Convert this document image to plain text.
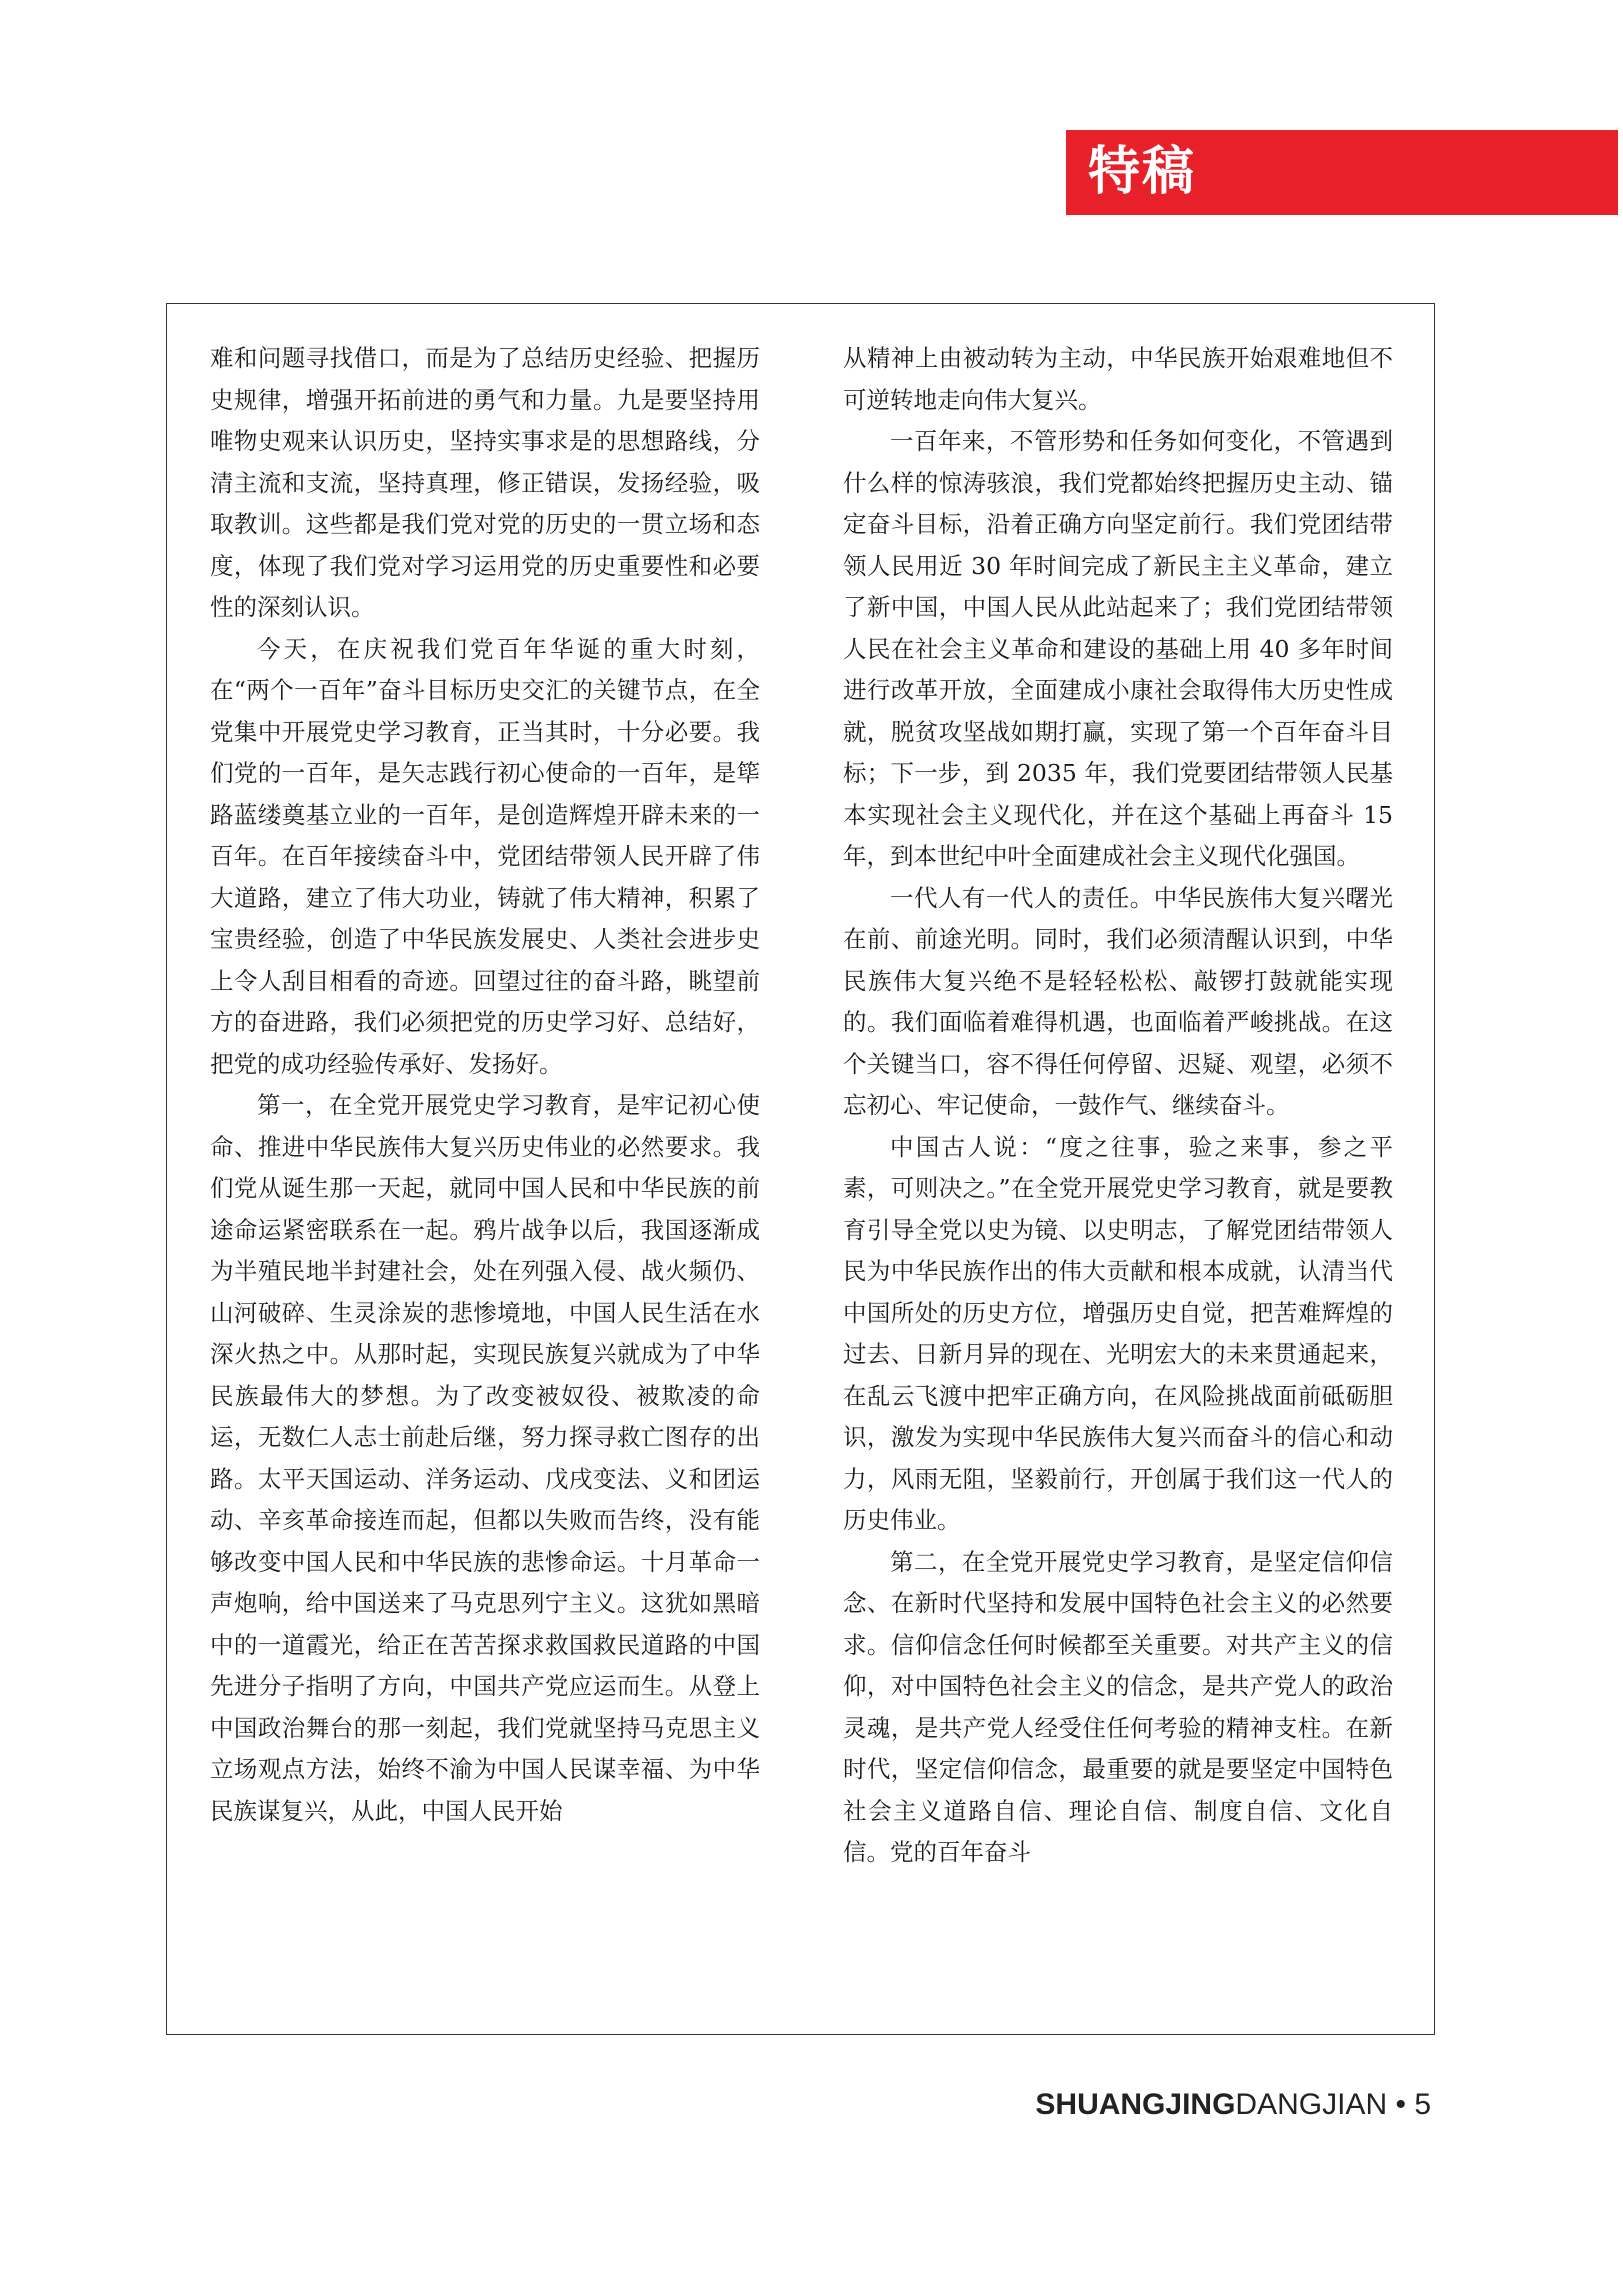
特稿

难和问题寻找借口，而是为了总结历史经验、把握历史规律，增强开拓前进的勇气和力量。九是要坚持用唯物史观来认识历史，坚持实事求是的思想路线，分清主流和支流，坚持真理，修正错误，发扬经验，吸取教训。这些都是我们党对党的历史的一贯立场和态度，体现了我们党对学习运用党的历史重要性和必要性的深刻认识。

今天，在庆祝我们党百年华诞的重大时刻，在“两个一百年”奋斗目标历史交汇的关键节点，在全党集中开展党史学习教育，正当其时，十分必要。我们党的一百年，是矢志践行初心使命的一百年，是筚路蓝缕奠基立业的一百年，是创造辉煌开辟未来的一百年。在百年接续奋斗中，党团结带领人民开辟了伟大道路，建立了伟大功业，铸就了伟大精神，积累了宝贵经验，创造了中华民族发展史、人类社会进步史上令人刮目相看的奇迹。回望过往的奋斗路，眺望前方的奋进路，我们必须把党的历史学习好、总结好，把党的成功经验传承好、发扬好。

第一，在全党开展党史学习教育，是牢记初心使命、推进中华民族伟大复兴历史伟业的必然要求。我们党从诞生那一天起，就同中国人民和中华民族的前途命运紧密联系在一起。鸦片战争以后，我国逐渐成为半殖民地半封建社会，处在列强入侵、战火频仍、山河破碎、生灵涂炭的悲惨境地，中国人民生活在水深火热之中。从那时起，实现民族复兴就成为了中华民族最伟大的梦想。为了改变被奴役、被欺凌的命运，无数仁人志士前赴后继，努力探寻救亡图存的出路。太平天国运动、洋务运动、戊戌变法、义和团运动、辛亥革命接连而起，但都以失败而告终，没有能够改变中国人民和中华民族的悲惨命运。十月革命一声炮响，给中国送来了马克思列宁主义。这犹如黑暗中的一道霞光，给正在苦苦探求救国救民道路的中国先进分子指明了方向，中国共产党应运而生。从登上中国政治舞台的那一刻起，我们党就坚持马克思主义立场观点方法，始终不渝为中国人民谋幸福、为中华民族谋复兴，从此，中国人民开始

从精神上由被动转为主动，中华民族开始艰难地但不可逆转地走向伟大复兴。

一百年来，不管形势和任务如何变化，不管遇到什么样的惊涛骇浪，我们党都始终把握历史主动、锚定奋斗目标，沿着正确方向坚定前行。我们党团结带领人民用近 30 年时间完成了新民主主义革命，建立了新中国，中国人民从此站起来了；我们党团结带领人民在社会主义革命和建设的基础上用 40 多年时间进行改革开放，全面建成小康社会取得伟大历史性成就，脱贫攻坚战如期打赢，实现了第一个百年奋斗目标；下一步，到 2035 年，我们党要团结带领人民基本实现社会主义现代化，并在这个基础上再奋斗 15 年，到本世纪中叶全面建成社会主义现代化强国。

一代人有一代人的责任。中华民族伟大复兴曙光在前、前途光明。同时，我们必须清醒认识到，中华民族伟大复兴绝不是轻轻松松、敲锣打鼓就能实现的。我们面临着难得机遇，也面临着严峻挑战。在这个关键当口，容不得任何停留、迟疑、观望，必须不忘初心、牢记使命，一鼓作气、继续奋斗。

中国古人说：“度之往事，验之来事，参之平素，可则决之。”在全党开展党史学习教育，就是要教育引导全党以史为镜、以史明志，了解党团结带领人民为中华民族作出的伟大贡献和根本成就，认清当代中国所处的历史方位，增强历史自觉，把苦难辉煌的过去、日新月异的现在、光明宏大的未来贯通起来，在乱云飞渡中把牢正确方向，在风险挑战面前砥砺胆识，激发为实现中华民族伟大复兴而奋斗的信心和动力，风雨无阻，坚毅前行，开创属于我们这一代人的历史伟业。

第二，在全党开展党史学习教育，是坚定信仰信念、在新时代坚持和发展中国特色社会主义的必然要求。信仰信念任何时候都至关重要。对共产主义的信仰，对中国特色社会主义的信念，是共产党人的政治灵魂，是共产党人经受住任何考验的精神支柱。在新时代，坚定信仰信念，最重要的就是要坚定中国特色社会主义道路自信、理论自信、制度自信、文化自信。党的百年奋斗

SHUANGJINGDANGJIAN • 5
